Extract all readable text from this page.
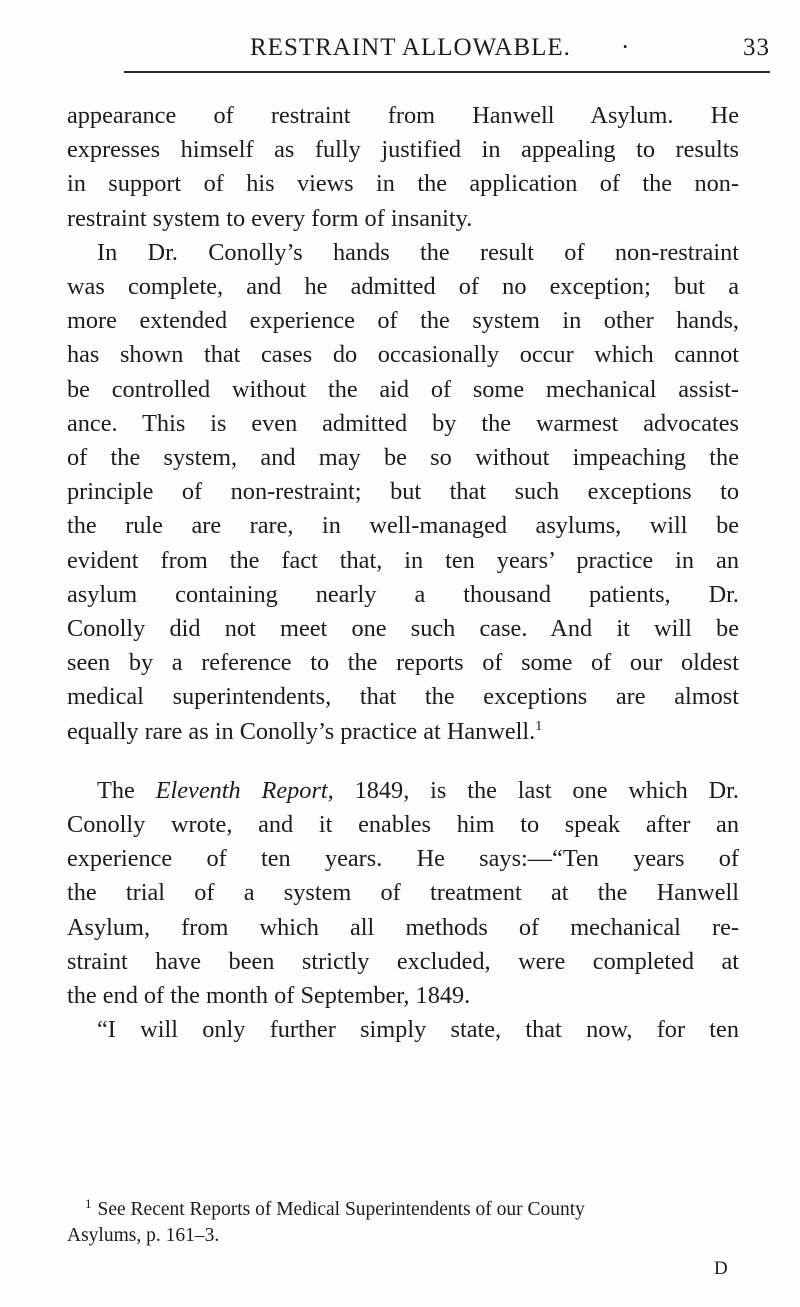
RESTRAINT ALLOWABLE. ·	33
appearance of restraint from Hanwell Asylum. He
expresses himself as fully justified in appealing to results
in support of his views in the application of the non-
restraint system to every form of insanity.
In Dr. Conolly’s hands the result of non-restraint
was complete, and he admitted of no exception; but a
more extended experience of the system in other hands,
has shown that cases do occasionally occur which cannot
be controlled without the aid of some mechanical assist-
ance. This is even admitted by the warmest advocates
of the system, and may be so without impeaching the
principle of non-restraint; but that such exceptions to
the rule are rare, in well-managed asylums, will be
evident from the fact that, in ten years’ practice in an
asylum containing nearly a thousand patients, Dr.
Conolly did not meet one such case. And it will be
seen by a reference to the reports of some of our oldest
medical superintendents, that the exceptions are almost
equally rare as in Conolly’s practice at Hanwell.$^1$
The Eleventh Report, 1849, is the last one which Dr.
Conolly wrote, and it enables him to speak after an
experience of ten years. He says:—“Ten years of
the trial of a system of treatment at the Hanwell
Asylum, from which all methods of mechanical re-
straint have been strictly excluded, were completed at
the end of the month of September, 1849.
“I will only further simply state, that now, for ten
$^1$ See Recent Reports of Medical Superintendents of our County
Asylums, p. 161–3.
D
